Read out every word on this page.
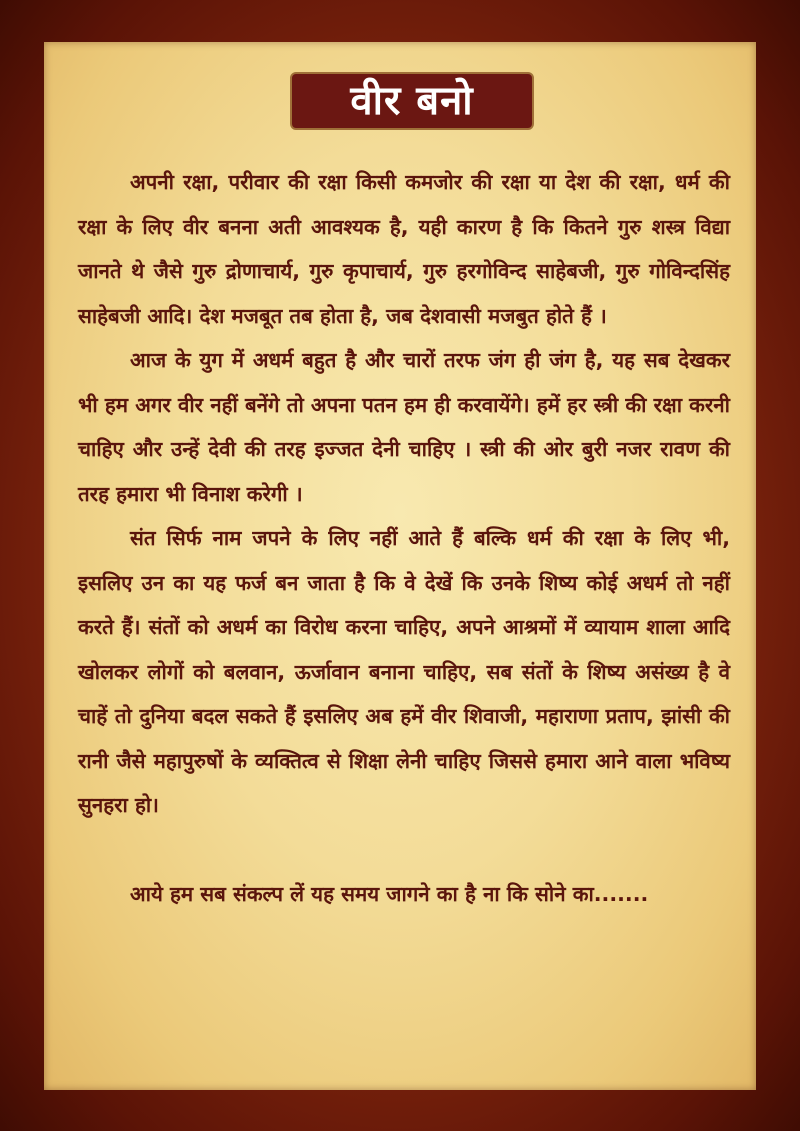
वीर बनो

अपनी रक्षा, परीवार की रक्षा किसी कमजोर की रक्षा या देश की रक्षा, धर्म की रक्षा के लिए वीर बनना अती आवश्यक है, यही कारण है कि कितने गुरु शस्त्र विद्या जानते थे जैसे गुरु द्रोणाचार्य, गुरु कृपाचार्य, गुरु हरगोविन्द साहेबजी, गुरु गोविन्दसिंह साहेबजी आदि। देश मजबूत तब होता है, जब देशवासी मजबुत होते हैं ।

आज के युग में अधर्म बहुत है और चारों तरफ जंग ही जंग है, यह सब देखकर भी हम अगर वीर नहीं बनेंगे तो अपना पतन हम ही करवायेंगे। हमें हर स्त्री की रक्षा करनी चाहिए और उन्हें देवी की तरह इज्जत देनी चाहिए । स्त्री की ओर बुरी नजर रावण की तरह हमारा भी विनाश करेगी ।

संत सिर्फ नाम जपने के लिए नहीं आते हैं बल्कि धर्म की रक्षा के लिए भी, इसलिए उन का यह फर्ज बन जाता है कि वे देखें कि उनके शिष्य कोई अधर्म तो नहीं करते हैं। संतों को अधर्म का विरोध करना चाहिए, अपने आश्रमों में व्यायाम शाला आदि खोलकर लोगों को बलवान, ऊर्जावान बनाना चाहिए, सब संतों के शिष्य असंख्य है वे चाहें तो दुनिया बदल सकते हैं इसलिए अब हमें वीर शिवाजी, महाराणा प्रताप, झांसी की रानी जैसे महापुरुषों के व्यक्तित्व से शिक्षा लेनी चाहिए जिससे हमारा आने वाला भविष्य सुनहरा हो।

आये हम सब संकल्प लें यह समय जागने का है ना कि सोने का.......
